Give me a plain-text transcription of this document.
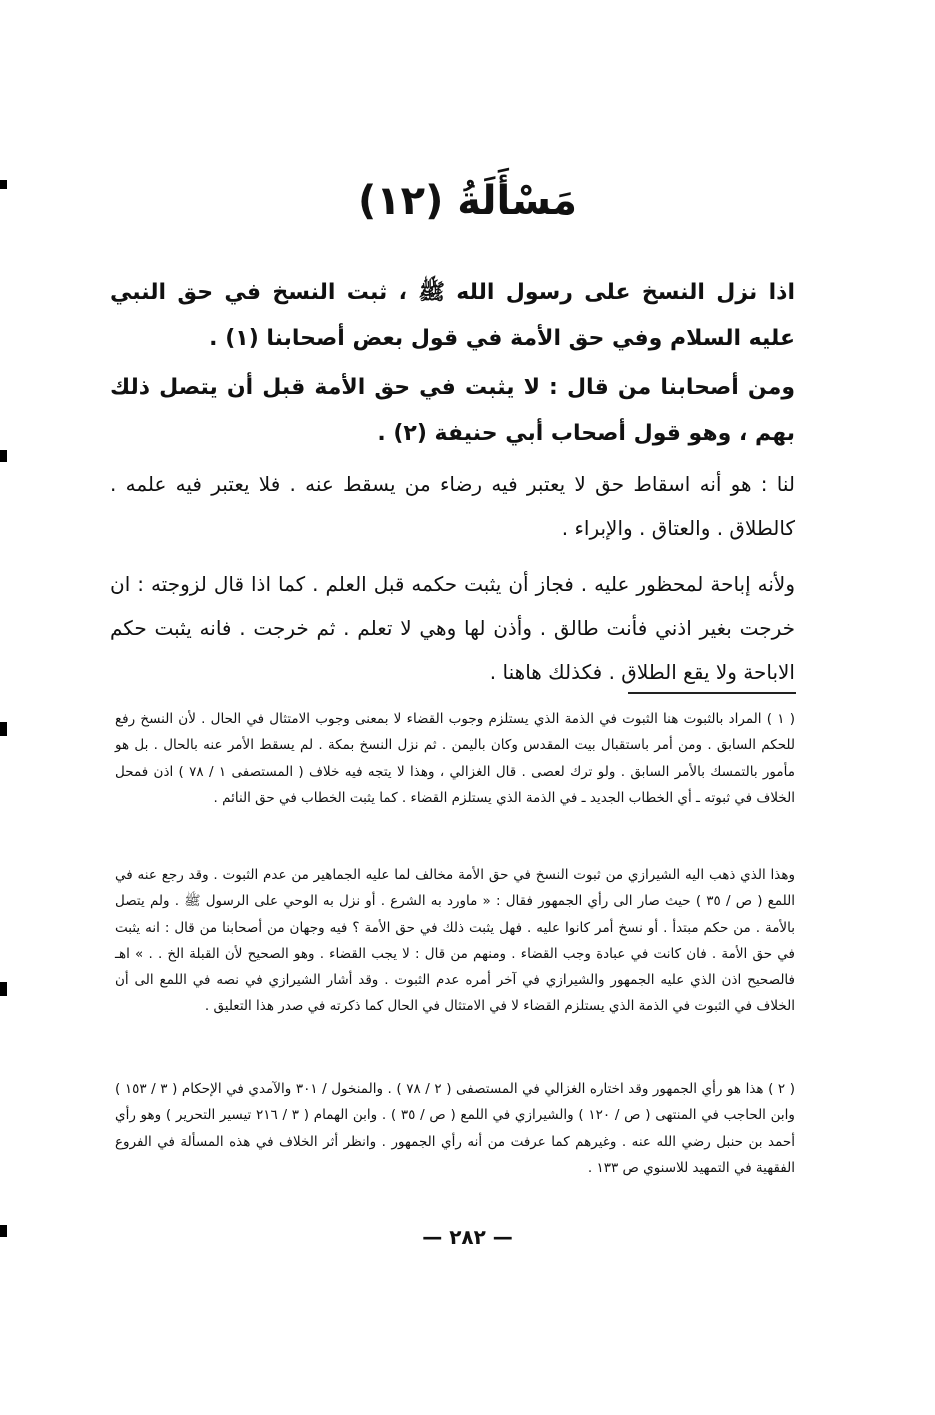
مَسْأَلَةُ (١٢)

اذا نزل النسخ على رسول الله ﷺ ، ثبت النسخ في حق النبي عليه السلام وفي حق الأمة في قول بعض أصحابنا (١) .

ومن أصحابنا من قال : لا يثبت في حق الأمة قبل أن يتصل ذلك بهم ، وهو قول أصحاب أبي حنيفة (٢) .

لنا : هو أنه اسقاط حق لا يعتبر فيه رضاء من يسقط عنه . فلا يعتبر فيه علمه . كالطلاق . والعتاق . والإبراء .

ولأنه إباحة لمحظور عليه . فجاز أن يثبت حكمه قبل العلم . كما اذا قال لزوجته : ان خرجت بغير اذني فأنت طالق . وأذن لها وهي لا تعلم . ثم خرجت . فانه يثبت حكم الاباحة ولا يقع الطلاق . فكذلك هاهنا .

( ١ ) المراد بالثبوت هنا الثبوت في الذمة الذي يستلزم وجوب القضاء لا بمعنى وجوب الامتثال في الحال . لأن النسخ رفع للحكم السابق . ومن أمر باستقبال بيت المقدس وكان باليمن . ثم نزل النسخ بمكة . لم يسقط الأمر عنه بالحال . بل هو مأمور بالتمسك بالأمر السابق . ولو ترك لعصى . قال الغزالي ، وهذا لا يتجه فيه خلاف ( المستصفى ١ / ٧٨ ) اذن فمحل الخلاف في ثبوته ـ أي الخطاب الجديد ـ في الذمة الذي يستلزم القضاء . كما يثبت الخطاب في حق النائم .

وهذا الذي ذهب اليه الشيرازي من ثبوت النسخ في حق الأمة مخالف لما عليه الجماهير من عدم الثبوت . وقد رجع عنه في اللمع ( ص / ٣٥ ) حيث صار الى رأي الجمهور فقال : « ماورد به الشرع . أو نزل به الوحي على الرسول ﷺ . ولم يتصل بالأمة . من حكم مبتدأ . أو نسخ أمر كانوا عليه . فهل يثبت ذلك في حق الأمة ؟ فيه وجهان من أصحابنا من قال : انه يثبت في حق الأمة . فان كانت في عبادة وجب القضاء . ومنهم من قال : لا يجب القضاء . وهو الصحيح لأن القبلة الخ . . » اهـ فالصحيح اذن الذي عليه الجمهور والشيرازي في آخر أمره عدم الثبوت . وقد أشار الشيرازي في نصه في اللمع الى أن الخلاف في الثبوت في الذمة الذي يستلزم القضاء لا في الامتثال في الحال كما ذكرته في صدر هذا التعليق .

( ٢ ) هذا هو رأي الجمهور وقد اختاره الغزالي في المستصفى ( ٢ / ٧٨ ) . والمنخول / ٣٠١ والآمدي في الإحكام ( ٣ / ١٥٣ ) وابن الحاجب في المنتهى ( ص / ١٢٠ ) والشيرازي في اللمع ( ص / ٣٥ ) . وابن الهمام ( ٣ / ٢١٦ تيسير التحرير ) وهو رأي أحمد بن حنبل رضي الله عنه . وغيرهم كما عرفت من أنه رأي الجمهور . وانظر أثر الخلاف في هذه المسألة في الفروع الفقهية في التمهيد للاسنوي ص ١٣٣ .

— ٢٨٢ —
